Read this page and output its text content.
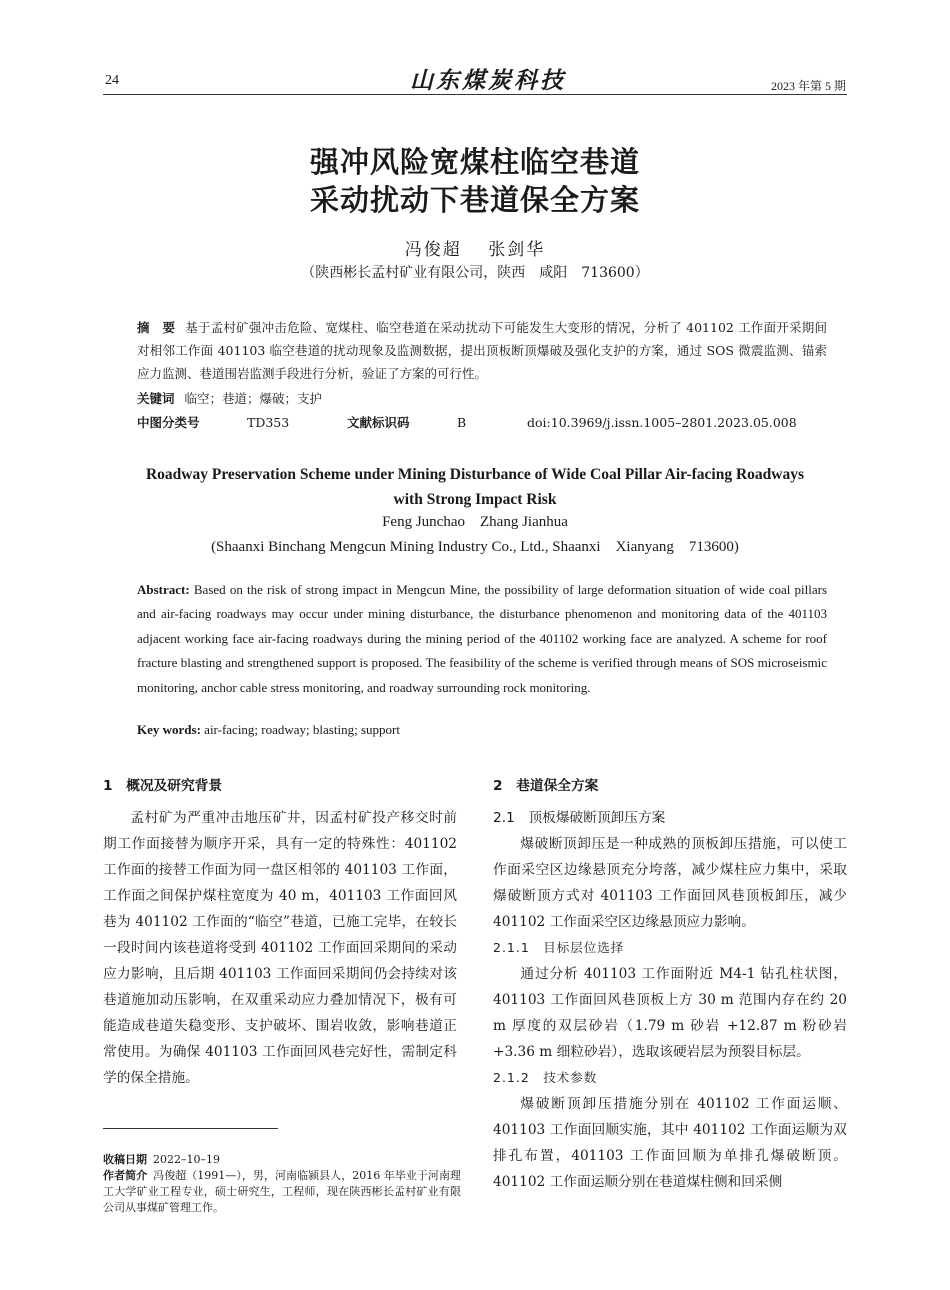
24	山东煤炭科技	2023 年第 5 期
强冲风险宽煤柱临空巷道
采动扰动下巷道保全方案
冯俊超　 张剑华
（陕西彬长孟村矿业有限公司，陕西　咸阳　713600）
摘　要 基于孟村矿强冲击危险、宽煤柱、临空巷道在采动扰动下可能发生大变形的情况，分析了 401102 工作面开采期间对相邻工作面 401103 临空巷道的扰动现象及监测数据，提出顶板断顶爆破及强化支护的方案，通过 SOS 微震监测、锚索应力监测、巷道围岩监测手段进行分析，验证了方案的可行性。
关键词 临空；巷道；爆破；支护
中图分类号	TD353	文献标识码	B	doi:10.3969/j.issn.1005–2801.2023.05.008
Roadway Preservation Scheme under Mining Disturbance of Wide Coal Pillar Air-facing Roadways with Strong Impact Risk
Feng Junchao　Zhang Jianhua
(Shaanxi Binchang Mengcun Mining Industry Co., Ltd., Shaanxi　Xianyang　713600)
Abstract: Based on the risk of strong impact in Mengcun Mine, the possibility of large deformation situation of wide coal pillars and air-facing roadways may occur under mining disturbance, the disturbance phenomenon and monitoring data of the 401103 adjacent working face air-facing roadways during the mining period of the 401102 working face are analyzed. A scheme for roof fracture blasting and strengthened support is proposed. The feasibility of the scheme is verified through means of SOS microseismic monitoring, anchor cable stress monitoring, and roadway surrounding rock monitoring.
Key words: air-facing; roadway; blasting; support
1　概况及研究背景

孟村矿为严重冲击地压矿井，因孟村矿投产移交时前期工作面接替为顺序开采，具有一定的特殊性：401102 工作面的接替工作面为同一盘区相邻的 401103 工作面，工作面之间保护煤柱宽度为 40 m，401103 工作面回风巷为 401102 工作面的“临空”巷道，已施工完毕，在较长一段时间内该巷道将受到 401102 工作面回采期间的采动应力影响，且后期 401103 工作面回采期间仍会持续对该巷道施加动压影响，在双重采动应力叠加情况下，极有可能造成巷道失稳变形、支护破坏、围岩收敛，影响巷道正常使用。为确保 401103 工作面回风巷完好性，需制定科学的保全措施。

2　巷道保全方案
2.1　顶板爆破断顶卸压方案

爆破断顶卸压是一种成熟的顶板卸压措施，可以使工作面采空区边缘悬顶充分垮落，减少煤柱应力集中，采取爆破断顶方式对 401103 工作面回风巷顶板卸压，减少 401102 工作面采空区边缘悬顶应力影响。

2.1.1　目标层位选择

通过分析 401103 工作面附近 M4-1 钻孔柱状图，401103 工作面回风巷顶板上方 30 m 范围内存在约 20 m 厚度的双层砂岩（1.79 m 砂岩 +12.87 m 粉砂岩 +3.36 m 细粒砂岩），选取该硬岩层为预裂目标层。

2.1.2　技术参数

爆破断顶卸压措施分别在 401102 工作面运顺、401103 工作面回顺实施，其中 401102 工作面运顺为双排孔布置，401103 工作面回顺为单排孔爆破断顶。401102 工作面运顺分别在巷道煤柱侧和回采侧

收稿日期 2022–10–19
作者简介 冯俊超（1991—），男，河南临颍县人，2016 年毕业于河南理工大学矿业工程专业，硕士研究生，工程师，现在陕西彬长孟村矿业有限公司从事煤矿管理工作。
